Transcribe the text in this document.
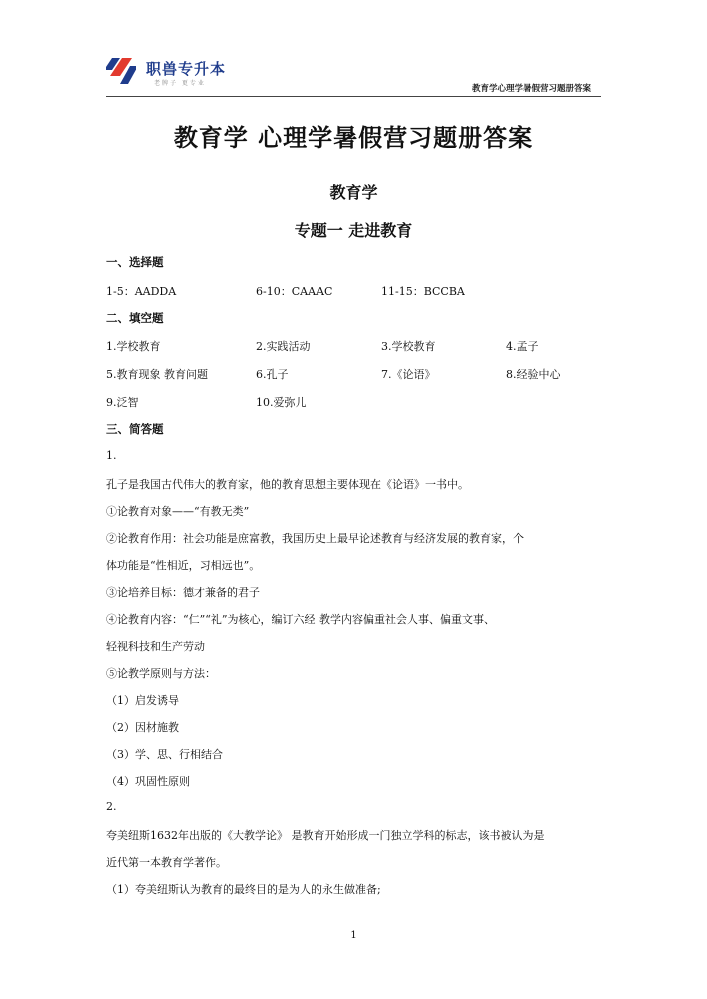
职兽专升本
老牌子 更专业
教育学心理学暑假营习题册答案
教育学 心理学暑假营习题册答案
教育学
专题一 走进教育
一、选择题
1-5：AADDA	6-10：CAAAC	11-15：BCCBA
二、填空题
1.学校教育	2.实践活动	3.学校教育	4.孟子
5.教育现象 教育问题	6.孔子	7.《论语》	8.经验中心
9.泛智	10.爱弥儿
三、简答题
1.
孔子是我国古代伟大的教育家，他的教育思想主要体现在《论语》一书中。
①论教育对象——“有教无类”
②论教育作用：社会功能是庶富教，我国历史上最早论述教育与经济发展的教育家，个
体功能是“性相近，习相远也”。
③论培养目标：德才兼备的君子
④论教育内容：“仁”“礼”为核心，编订六经 教学内容偏重社会人事、偏重文事、
轻视科技和生产劳动
⑤论教学原则与方法：
（1）启发诱导
（2）因材施教
（3）学、思、行相结合
（4）巩固性原则
2.
夸美纽斯1632年出版的《大教学论》 是教育开始形成一门独立学科的标志，该书被认为是
近代第一本教育学著作。
（1）夸美纽斯认为教育的最终目的是为人的永生做准备;
1
